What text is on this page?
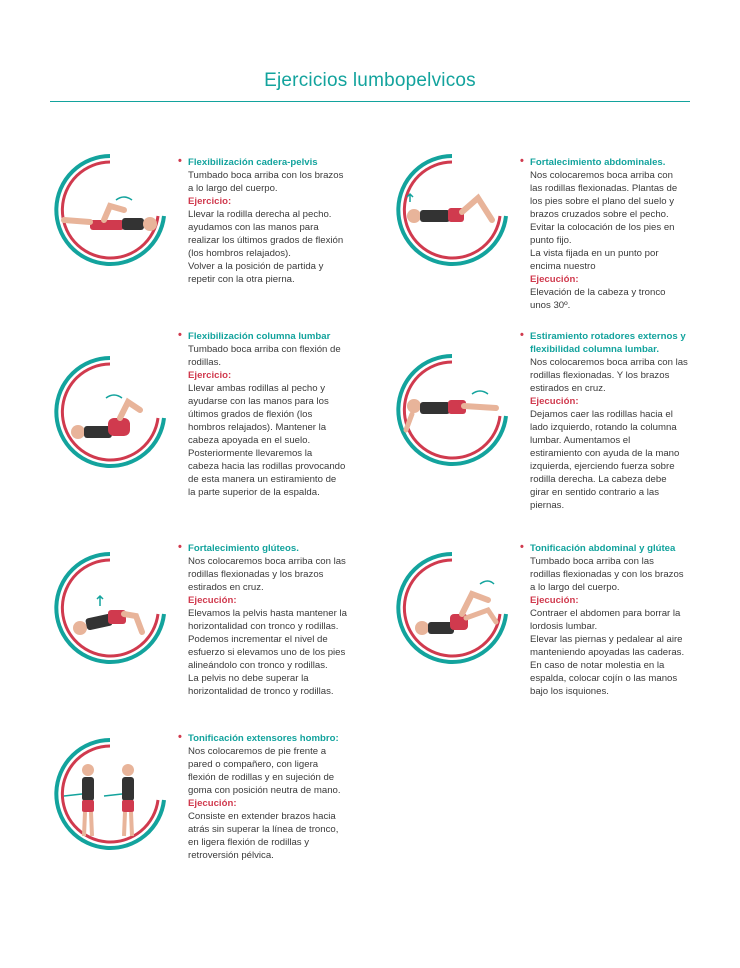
Ejercicios lumbopelvicos

• Flexibilización cadera-pelvis

Tumbado boca arriba con los brazos
a lo largo del cuerpo.

Ejercicio:

Llevar la rodilla derecha al pecho.
ayudamos con las manos para
realizar los últimos grados de flexión
(los hombros relajados).
Volver a la posición de partida y
repetir con la otra pierna.

• Fortalecimiento abdominales.

Nos colocaremos boca arriba con
las rodillas flexionadas. Plantas de
los pies sobre el plano del suelo y
brazos cruzados sobre el pecho.
Evitar la colocación de los pies en
punto fijo.
La vista fijada en un punto por
encima nuestro

Ejecución:

Elevación de la cabeza y tronco
unos 30º.

• Flexibilización columna lumbar

Tumbado boca arriba con flexión de
rodillas.

Ejercicio:

Llevar ambas rodillas al pecho y
ayudarse con las manos para los
últimos grados de flexión (los
hombros relajados). Mantener la
cabeza apoyada en el suelo.
Posteriormente llevaremos la
cabeza hacia las rodillas provocando
de esta manera un estiramiento de
la parte superior de la espalda.

• Estiramiento rotadores externos y
flexibilidad columna lumbar.

Nos colocaremos boca arriba con las
rodillas flexionadas. Y los brazos
estirados en cruz.

Ejecución:

Dejamos caer las rodillas hacia el
lado izquierdo, rotando la columna
lumbar. Aumentamos el
estiramiento con ayuda de la mano
izquierda, ejerciendo fuerza sobre
rodilla derecha. La cabeza debe
girar en sentido contrario a las
piernas.

• Fortalecimiento glúteos.

Nos colocaremos boca arriba con las
rodillas flexionadas y los brazos
estirados en cruz.

Ejecución:

Elevamos la pelvis hasta mantener la
horizontalidad con tronco y rodillas.
Podemos incrementar el nivel de
esfuerzo si elevamos uno de los pies
alineándolo con tronco y rodillas.
La pelvis no debe superar la
horizontalidad de tronco y rodillas.

• Tonificación abdominal y glútea

Tumbado boca arriba con las
rodillas flexionadas y con los brazos
a lo largo del cuerpo.

Ejecución:

Contraer el abdomen para borrar la
lordosis lumbar.
Elevar las piernas y pedalear al aire
manteniendo apoyadas las caderas.
En caso de notar molestia en la
espalda, colocar cojín o las manos
bajo los isquiones.

• Tonificación extensores hombro:

Nos colocaremos de pie frente a
pared o compañero, con ligera
flexión de rodillas y en sujeción de
goma con posición neutra de mano.

Ejecución:

Consiste en extender brazos hacia
atrás sin superar la línea de tronco,
en ligera flexión de rodillas y
retroversión pélvica.
